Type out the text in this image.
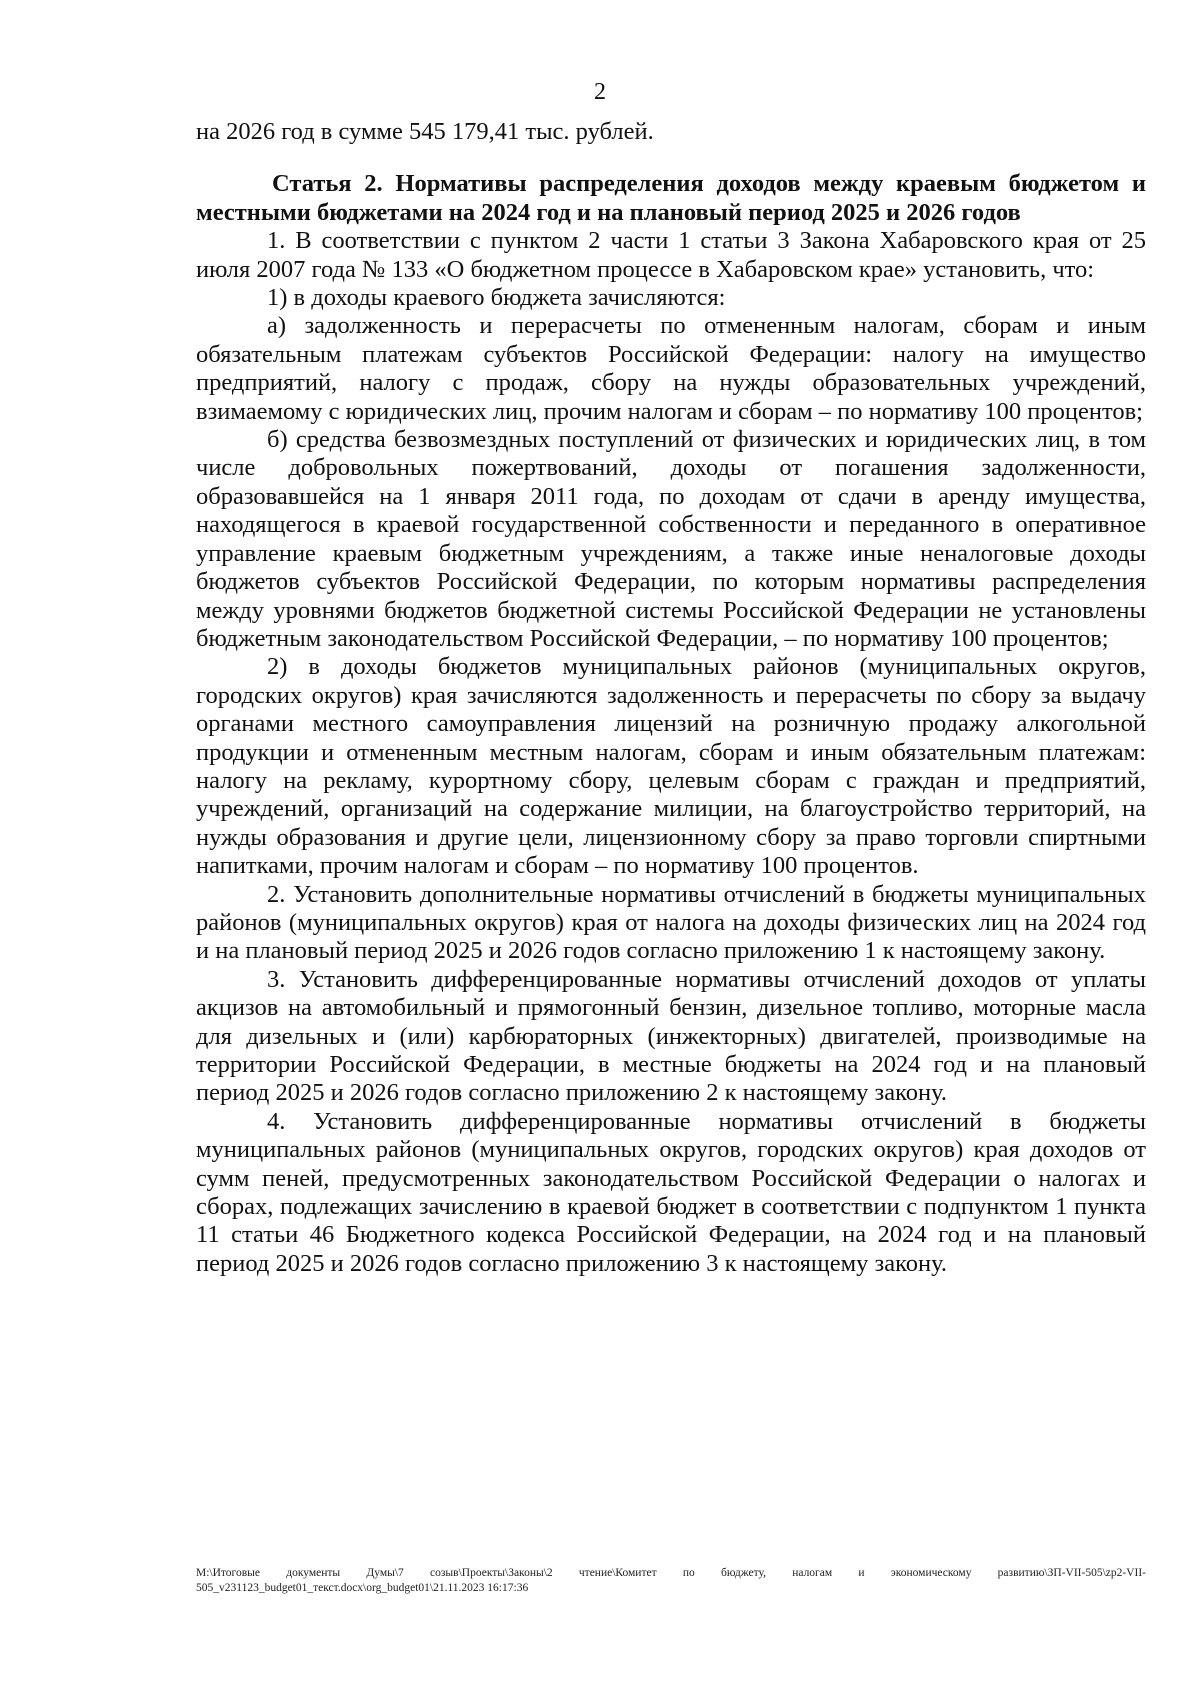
2

на 2026 год в сумме 545 179,41 тыс. рублей.

Статья 2. Нормативы распределения доходов между краевым бюджетом и местными бюджетами на 2024 год и на плановый период 2025 и 2026 годов

1. В соответствии с пунктом 2 части 1 статьи 3 Закона Хабаровского края от 25 июля 2007 года № 133 «О бюджетном процессе в Хабаровском крае» установить, что:

1) в доходы краевого бюджета зачисляются:

а) задолженность и перерасчеты по отмененным налогам, сборам и иным обязательным платежам субъектов Российской Федерации: налогу на имущество предприятий, налогу с продаж, сбору на нужды образовательных учреждений, взимаемому с юридических лиц, прочим налогам и сборам – по нормативу 100 процентов;

б) средства безвозмездных поступлений от физических и юридических лиц, в том числе добровольных пожертвований, доходы от погашения задолженности, образовавшейся на 1 января 2011 года, по доходам от сдачи в аренду имущества, находящегося в краевой государственной собственности и переданного в оперативное управление краевым бюджетным учреждениям, а также иные неналоговые доходы бюджетов субъектов Российской Федерации, по которым нормативы распределения между уровнями бюджетов бюджетной системы Российской Федерации не установлены бюджетным законодательством Российской Федерации, – по нормативу 100 процентов;

2) в доходы бюджетов муниципальных районов (муниципальных округов, городских округов) края зачисляются задолженность и перерасчеты по сбору за выдачу органами местного самоуправления лицензий на розничную продажу алкогольной продукции и отмененным местным налогам, сборам и иным обязательным платежам: налогу на рекламу, курортному сбору, целевым сборам с граждан и предприятий, учреждений, организаций на содержание милиции, на благоустройство территорий, на нужды образования и другие цели, лицензионному сбору за право торговли спиртными напитками, прочим налогам и сборам – по нормативу 100 процентов.

2. Установить дополнительные нормативы отчислений в бюджеты муниципальных районов (муниципальных округов) края от налога на доходы физических лиц на 2024 год и на плановый период 2025 и 2026 годов согласно приложению 1 к настоящему закону.

3. Установить дифференцированные нормативы отчислений доходов от уплаты акцизов на автомобильный и прямогонный бензин, дизельное топливо, моторные масла для дизельных и (или) карбюраторных (инжекторных) двигателей, производимые на территории Российской Федерации, в местные бюджеты на 2024 год и на плановый период 2025 и 2026 годов согласно приложению 2 к настоящему закону.

4. Установить дифференцированные нормативы отчислений в бюджеты муниципальных районов (муниципальных округов, городских округов) края доходов от сумм пеней, предусмотренных законодательством Российской Федерации о налогах и сборах, подлежащих зачислению в краевой бюджет в соответствии с подпунктом 1 пункта 11 статьи 46 Бюджетного кодекса Российской Федерации, на 2024 год и на плановый период 2025 и 2026 годов согласно приложению 3 к настоящему закону.

M:\Итоговые документы Думы\7 созыв\Проекты\Законы\2 чтение\Комитет по бюджету, налогам и экономическому развитию\ЗП-VII-505\zp2-VII-505_v231123_budget01_текст.docx\org_budget01\21.11.2023 16:17:36
